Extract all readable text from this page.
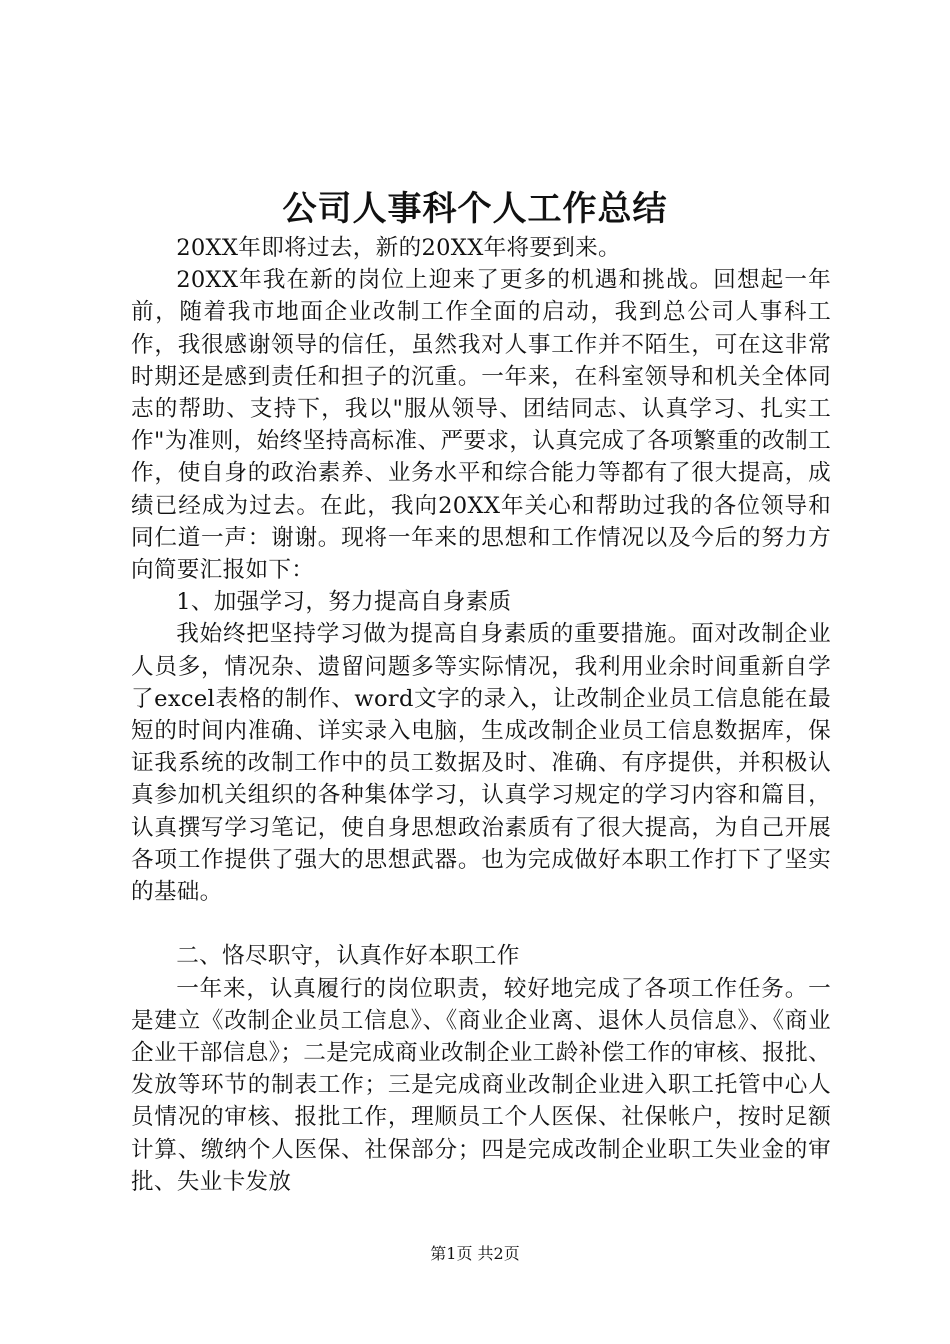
公司人事科个人工作总结

20XX年即将过去，新的20XX年将要到来。

20XX年我在新的岗位上迎来了更多的机遇和挑战。回想起一年前，随着我市地面企业改制工作全面的启动，我到总公司人事科工作，我很感谢领导的信任，虽然我对人事工作并不陌生，可在这非常时期还是感到责任和担子的沉重。一年来，在科室领导和机关全体同志的帮助、支持下，我以"服从领导、团结同志、认真学习、扎实工作"为准则，始终坚持高标准、严要求，认真完成了各项繁重的改制工作，使自身的政治素养、业务水平和综合能力等都有了很大提高，成绩已经成为过去。在此，我向20XX年关心和帮助过我的各位领导和同仁道一声：谢谢。现将一年来的思想和工作情况以及今后的努力方向简要汇报如下：

1、加强学习，努力提高自身素质

我始终把坚持学习做为提高自身素质的重要措施。面对改制企业人员多，情况杂、遗留问题多等实际情况，我利用业余时间重新自学了excel表格的制作、word文字的录入，让改制企业员工信息能在最短的时间内准确、详实录入电脑，生成改制企业员工信息数据库，保证我系统的改制工作中的员工数据及时、准确、有序提供，并积极认真参加机关组织的各种集体学习，认真学习规定的学习内容和篇目，认真撰写学习笔记，使自身思想政治素质有了很大提高，为自己开展各项工作提供了强大的思想武器。也为完成做好本职工作打下了坚实的基础。

二、恪尽职守，认真作好本职工作

一年来，认真履行的岗位职责，较好地完成了各项工作任务。一是建立《改制企业员工信息》、《商业企业离、退休人员信息》、《商业企业干部信息》；二是完成商业改制企业工龄补偿工作的审核、报批、发放等环节的制表工作；三是完成商业改制企业进入职工托管中心人员情况的审核、报批工作，理顺员工个人医保、社保帐户，按时足额计算、缴纳个人医保、社保部分；四是完成改制企业职工失业金的审批、失业卡发放

第1页 共2页
